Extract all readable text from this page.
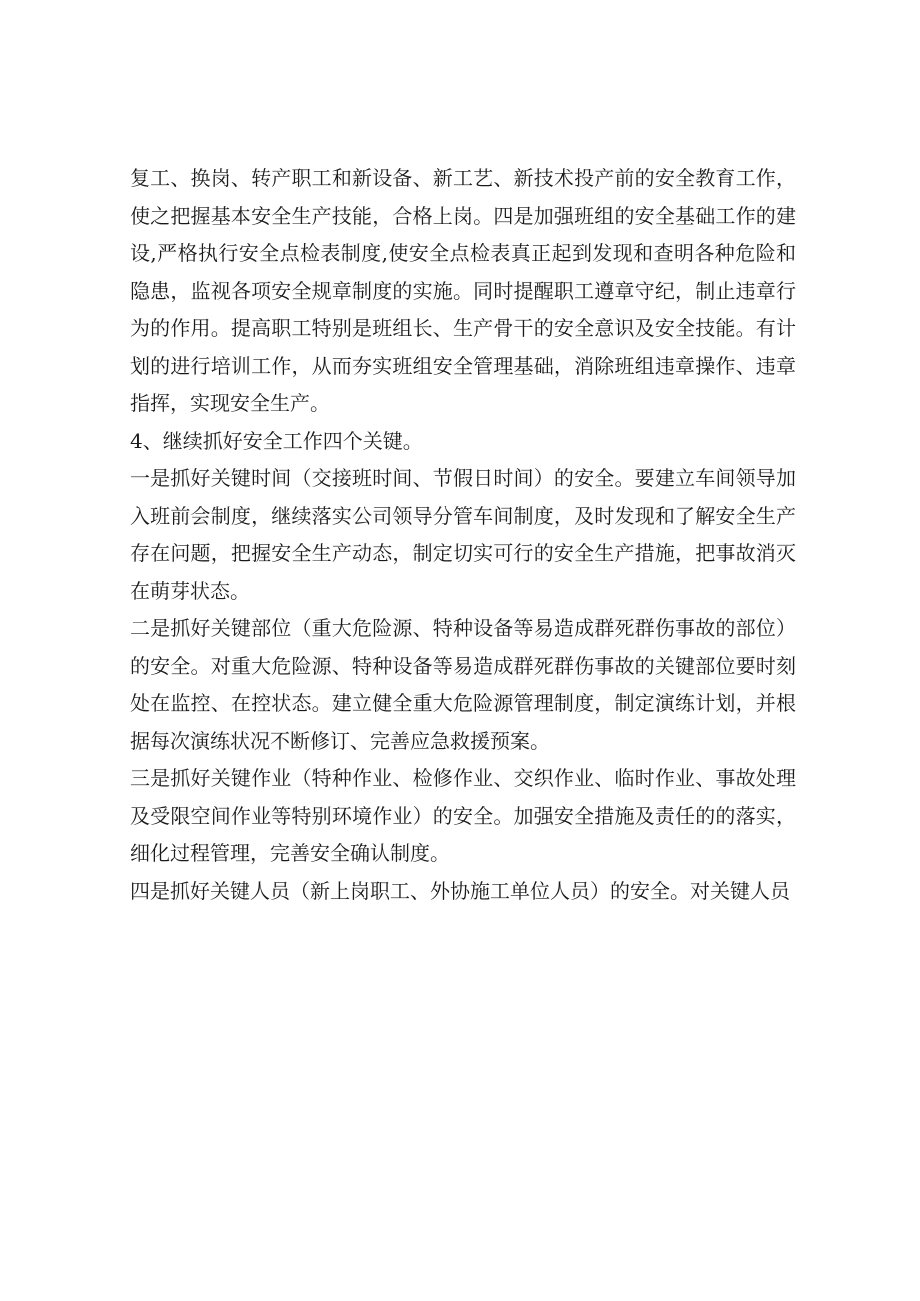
复工、换岗、转产职工和新设备、新工艺、新技术投产前的安全教育工作，使之把握基本安全生产技能，合格上岗。四是加强班组的安全基础工作的建设,严格执行安全点检表制度,使安全点检表真正起到发现和查明各种危险和隐患，监视各项安全规章制度的实施。同时提醒职工遵章守纪，制止违章行为的作用。提高职工特别是班组长、生产骨干的安全意识及安全技能。有计划的进行培训工作，从而夯实班组安全管理基础，消除班组违章操作、违章指挥，实现安全生产。

4、继续抓好安全工作四个关键。

一是抓好关键时间（交接班时间、节假日时间）的安全。要建立车间领导加入班前会制度，继续落实公司领导分管车间制度，及时发现和了解安全生产存在问题，把握安全生产动态，制定切实可行的安全生产措施，把事故消灭在萌芽状态。

二是抓好关键部位（重大危险源、特种设备等易造成群死群伤事故的部位）的安全。对重大危险源、特种设备等易造成群死群伤事故的关键部位要时刻处在监控、在控状态。建立健全重大危险源管理制度，制定演练计划，并根据每次演练状况不断修订、完善应急救援预案。

三是抓好关键作业（特种作业、检修作业、交织作业、临时作业、事故处理及受限空间作业等特别环境作业）的安全。加强安全措施及责任的的落实，细化过程管理，完善安全确认制度。

四是抓好关键人员（新上岗职工、外协施工单位人员）的安全。对关键人员
